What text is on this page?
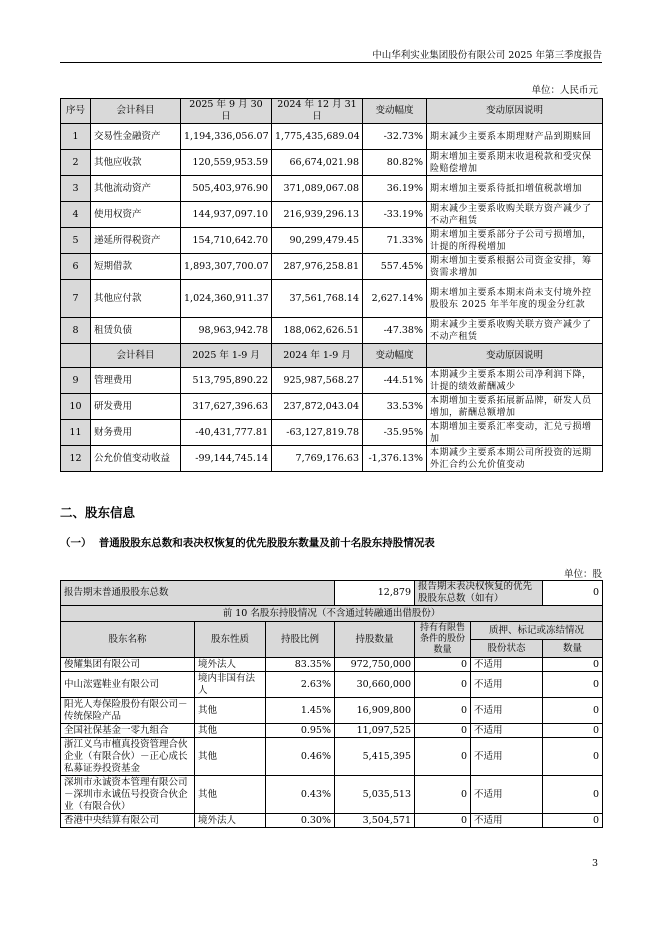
中山华利实业集团股份有限公司 2025 年第三季度报告
单位：人民币元
序号	会计科目	2025 年 9 月 30 日	2024 年 12 月 31 日	变动幅度	变动原因说明
1	交易性金融资产	1,194,336,056.07	1,775,435,689.04	-32.73%	期末减少主要系本期理财产品到期赎回
2	其他应收款	120,559,953.59	66,674,021.98	80.82%	期末增加主要系期末收退税款和受灾保险赔偿增加
3	其他流动资产	505,403,976.90	371,089,067.08	36.19%	期末增加主要系待抵扣增值税款增加
4	使用权资产	144,937,097.10	216,939,296.13	-33.19%	期末减少主要系收购关联方资产减少了不动产租赁
5	递延所得税资产	154,710,642.70	90,299,479.45	71.33%	期末增加主要系部分子公司亏损增加，计提的所得税增加
6	短期借款	1,893,307,700.07	287,976,258.81	557.45%	期末增加主要系根据公司资金安排，筹资需求增加
7	其他应付款	1,024,360,911.37	37,561,768.14	2,627.14%	期末增加主要系本期末尚未支付境外控股股东 2025 年半年度的现金分红款
8	租赁负债	98,963,942.78	188,062,626.51	-47.38%	期末减少主要系收购关联方资产减少了不动产租赁
	会计科目	2025 年 1-9 月	2024 年 1-9 月	变动幅度	变动原因说明
9	管理费用	513,795,890.22	925,987,568.27	-44.51%	本期减少主要系本期公司净利润下降，计提的绩效薪酬减少
10	研发费用	317,627,396.63	237,872,043.04	33.53%	本期增加主要系拓展新品牌，研发人员增加，薪酬总额增加
11	财务费用	-40,431,777.81	-63,127,819.78	-35.95%	本期增加主要系汇率变动，汇兑亏损增加
12	公允价值变动收益	-99,144,745.14	7,769,176.63	-1,376.13%	本期减少主要系本期公司所投资的远期外汇合约公允价值变动
二、股东信息
（一）  普通股股东总数和表决权恢复的优先股股东数量及前十名股东持股情况表
单位：股
报告期末普通股股东总数			12,879	报告期末表决权恢复的优先股股东总数（如有）		0
前 10 名股东持股情况（不含通过转融通出借股份）						
股东名称	股东性质	持股比例	持股数量	持有有限售条件的股份数量	质押、标记或冻结情况	
					股份状态	数量
俊耀集团有限公司	境外法人	83.35%	972,750,000	0	不适用	0
中山浤霆鞋业有限公司	境内非国有法人	2.63%	30,660,000	0	不适用	0
阳光人寿保险股份有限公司－传统保险产品	其他	1.45%	16,909,800	0	不适用	0
全国社保基金一零九组合	其他	0.95%	11,097,525	0	不适用	0
浙江义乌市檀真投资管理合伙企业（有限合伙）－正心成长私募证券投资基金	其他	0.46%	5,415,395	0	不适用	0
深圳市永诚资本管理有限公司－深圳市永诚伍号投资合伙企业（有限合伙）	其他	0.43%	5,035,513	0	不适用	0
香港中央结算有限公司	境外法人	0.30%	3,504,571	0	不适用	0
3
